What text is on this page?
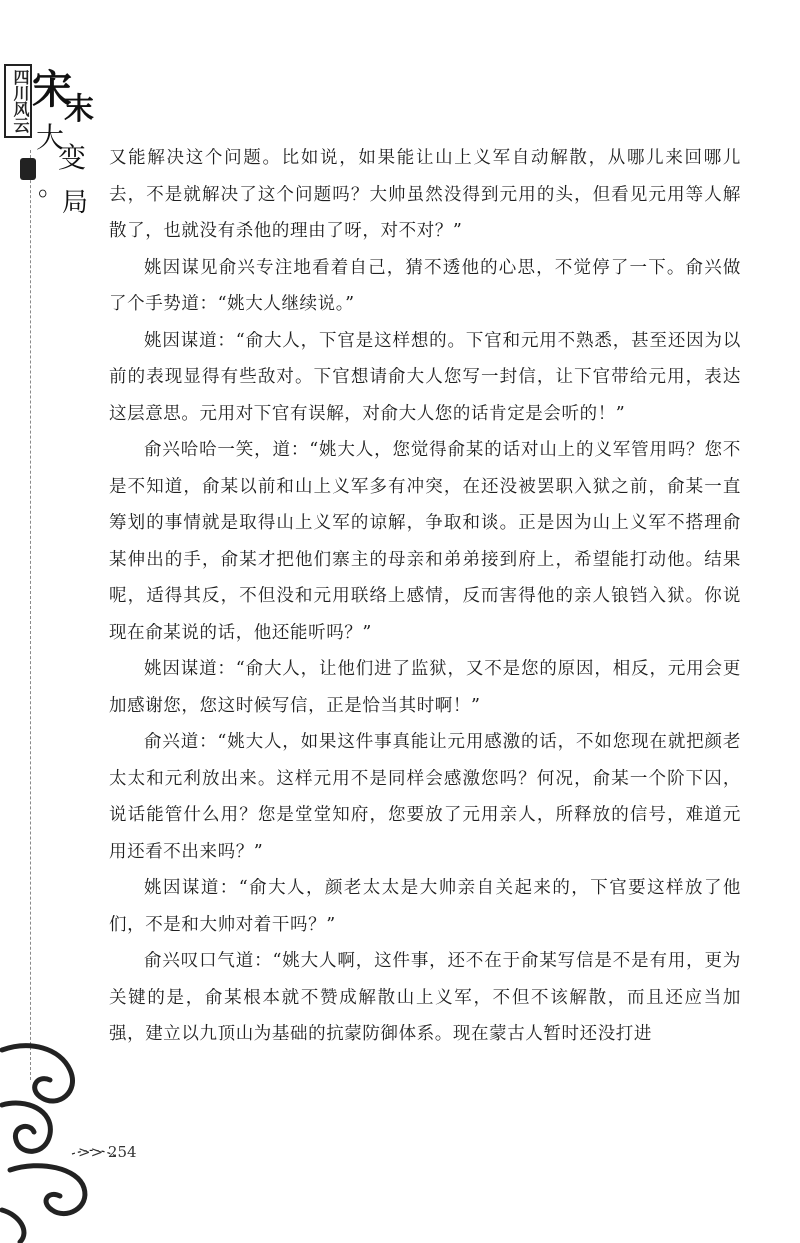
四川风云 宋
末
大
变
。
局

又能解决这个问题。比如说，如果能让山上义军自动解散，从哪儿来回哪儿去，不是就解决了这个问题吗？大帅虽然没得到元用的头，但看见元用等人解散了，也就没有杀他的理由了呀，对不对？”

姚因谋见俞兴专注地看着自己，猜不透他的心思，不觉停了一下。俞兴做了个手势道：“姚大人继续说。”

姚因谋道：“俞大人，下官是这样想的。下官和元用不熟悉，甚至还因为以前的表现显得有些敌对。下官想请俞大人您写一封信，让下官带给元用，表达这层意思。元用对下官有误解，对俞大人您的话肯定是会听的！”

俞兴哈哈一笑，道：“姚大人，您觉得俞某的话对山上的义军管用吗？您不是不知道，俞某以前和山上义军多有冲突，在还没被罢职入狱之前，俞某一直筹划的事情就是取得山上义军的谅解，争取和谈。正是因为山上义军不搭理俞某伸出的手，俞某才把他们寨主的母亲和弟弟接到府上，希望能打动他。结果呢，适得其反，不但没和元用联络上感情，反而害得他的亲人锒铛入狱。你说现在俞某说的话，他还能听吗？”

姚因谋道：“俞大人，让他们进了监狱，又不是您的原因，相反，元用会更加感谢您，您这时候写信，正是恰当其时啊！”

俞兴道：“姚大人，如果这件事真能让元用感激的话，不如您现在就把颜老太太和元利放出来。这样元用不是同样会感激您吗？何况，俞某一个阶下囚，说话能管什么用？您是堂堂知府，您要放了元用亲人，所释放的信号，难道元用还看不出来吗？”

姚因谋道：“俞大人，颜老太太是大帅亲自关起来的，下官要这样放了他们，不是和大帅对着干吗？”

俞兴叹口气道：“姚大人啊，这件事，还不在于俞某写信是不是有用，更为关键的是，俞某根本就不赞成解散山上义军，不但不该解散，而且还应当加强，建立以九顶山为基础的抗蒙防御体系。现在蒙古人暂时还没打进

>> 254
